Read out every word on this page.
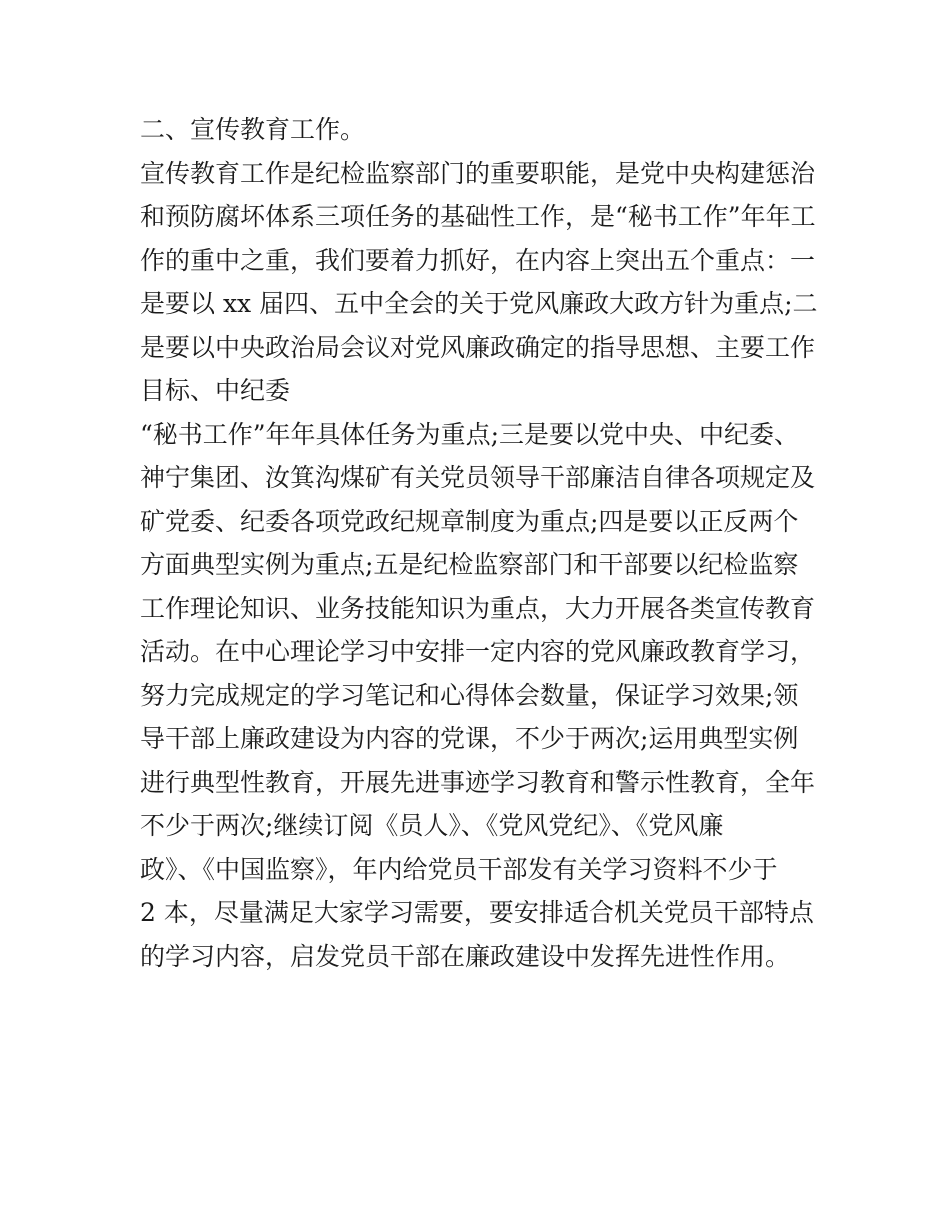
二、宣传教育工作。
宣传教育工作是纪检监察部门的重要职能，是党中央构建惩治
和预防腐坏体系三项任务的基础性工作，是“秘书工作”年年工
作的重中之重，我们要着力抓好，在内容上突出五个重点：一
是要以 xx 届四、五中全会的关于党风廉政大政方针为重点;二
是要以中央政治局会议对党风廉政确定的指导思想、主要工作
目标、中纪委
“秘书工作”年年具体任务为重点;三是要以党中央、中纪委、
神宁集团、汝箕沟煤矿有关党员领导干部廉洁自律各项规定及
矿党委、纪委各项党政纪规章制度为重点;四是要以正反两个
方面典型实例为重点;五是纪检监察部门和干部要以纪检监察
工作理论知识、业务技能知识为重点，大力开展各类宣传教育
活动。在中心理论学习中安排一定内容的党风廉政教育学习，
努力完成规定的学习笔记和心得体会数量，保证学习效果;领
导干部上廉政建设为内容的党课，不少于两次;运用典型实例
进行典型性教育，开展先进事迹学习教育和警示性教育，全年
不少于两次;继续订阅《员人》、《党风党纪》、《党风廉
政》、《中国监察》，年内给党员干部发有关学习资料不少于
2 本，尽量满足大家学习需要，要安排适合机关党员干部特点
的学习内容，启发党员干部在廉政建设中发挥先进性作用。
